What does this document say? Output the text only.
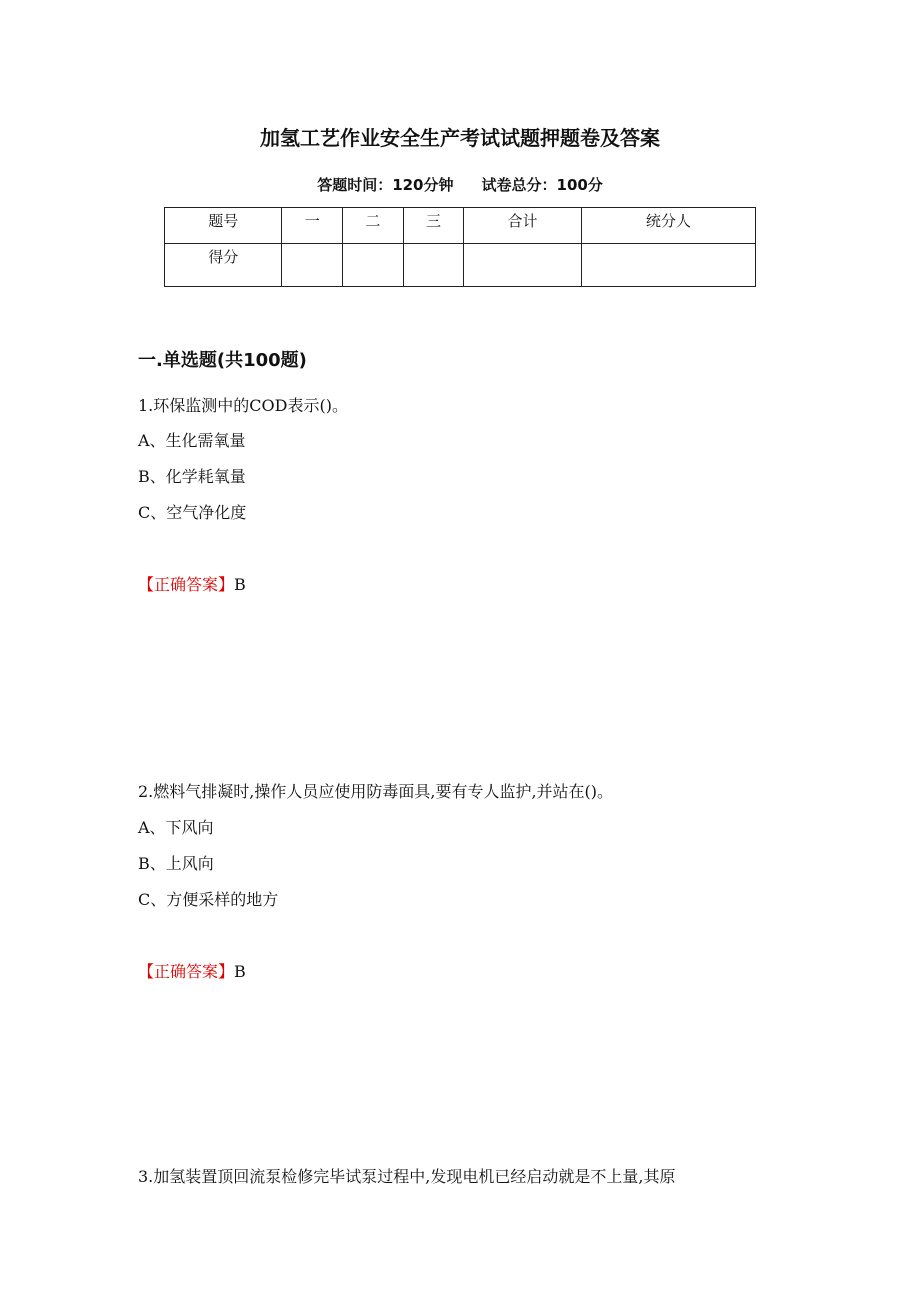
加氢工艺作业安全生产考试试题押题卷及答案
答题时间：120分钟 试卷总分：100分
题号	一	二	三	合计	统分人
得分					
一.单选题(共100题)
1.环保监测中的COD表示()。
A、生化需氧量
B、化学耗氧量
C、空气净化度
【正确答案】B
2.燃料气排凝时,操作人员应使用防毒面具,要有专人监护,并站在()。
A、下风向
B、上风向
C、方便采样的地方
【正确答案】B
3.加氢装置顶回流泵检修完毕试泵过程中,发现电机已经启动就是不上量,其原
